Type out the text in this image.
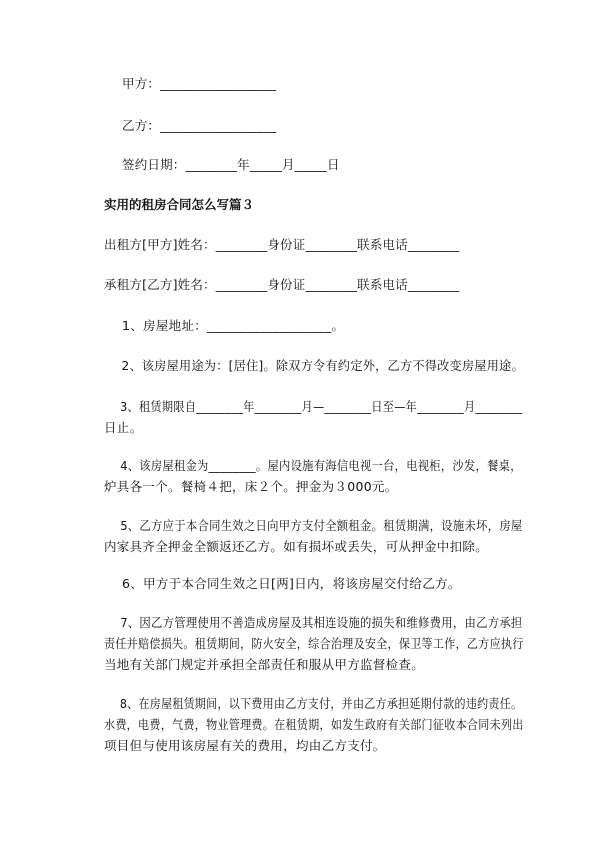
甲方：__________________
乙方：__________________
签约日期：________年_____月_____日
实用的租房合同怎么写篇３
出租方[甲方]姓名：________身份证________联系电话________
承租方[乙方]姓名：________身份证________联系电话________
1、房屋地址：___________________。
2、该房屋用途为：[居住]。除双方令有约定外，乙方不得改变房屋用途。
3、租赁期限自________年________月—________日至—年________月________
日止。
4、该房屋租金为________。屋内设施有海信电视一台，电视柜，沙发，餐桌，
炉具各一个。餐椅４把，床２个。押金为３000元。
5、乙方应于本合同生效之日向甲方支付全额租金。租赁期满，设施未坏，房屋
内家具齐全押金全额返还乙方。如有损坏或丢失，可从押金中扣除。
6、甲方于本合同生效之日[两]日内，将该房屋交付给乙方。
7、因乙方管理使用不善造成房屋及其相连设施的损失和维修费用，由乙方承担
责任并赔偿损失。租赁期间，防火安全，综合治理及安全，保卫等工作，乙方应执行
当地有关部门规定并承担全部责任和服从甲方监督检查。
8、在房屋租赁期间，以下费用由乙方支付，并由乙方承担延期付款的违约责任。
水费，电费，气费，物业管理费。在租赁期，如发生政府有关部门征收本合同未列出
项目但与使用该房屋有关的费用，均由乙方支付。
